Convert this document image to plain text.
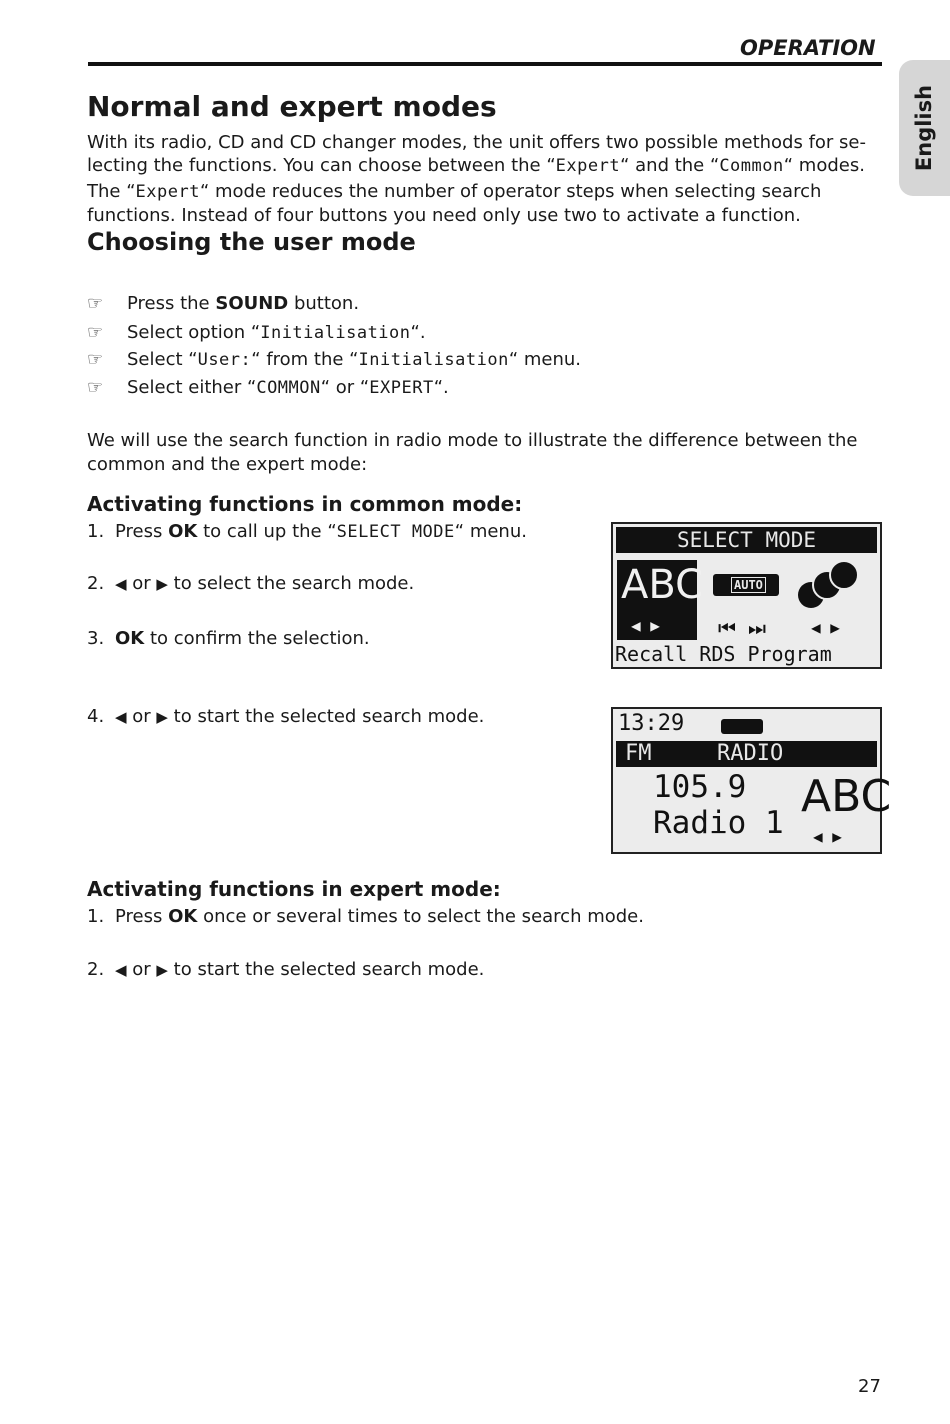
OPERATION
English
Normal and expert modes
With its radio, CD and CD changer modes, the unit offers two possible methods for se-
lecting the functions. You can choose between the “Expert“ and the “Common“ modes.
The “Expert“ mode reduces the number of operator steps when selecting search
functions. Instead of four buttons you need only use two to activate a function.
Choosing the user mode
☞ Press the SOUND button.
☞ Select option “Initialisation“.
☞ Select “User:“ from the “Initialisation“ menu.
☞ Select either “COMMON“ or “EXPERT“.
We will use the search function in radio mode to illustrate the difference between the
common and the expert mode:
Activating functions in common mode:
1. Press OK to call up the “SELECT MODE“ menu.
2. ◀ or ▶ to select the search mode.
3. OK to confirm the selection.
4. ◀ or ▶ to start the selected search mode.
SELECT MODE
ABC
◀ ▶
AUTO
⏮ ⏭	◀ ▶
Recall RDS Program
13:29
FM	RADIO
105.9
Radio 1
ABC
◀ ▶
Activating functions in expert mode:
1. Press OK once or several times to select the search mode.
2. ◀ or ▶ to start the selected search mode.
27
